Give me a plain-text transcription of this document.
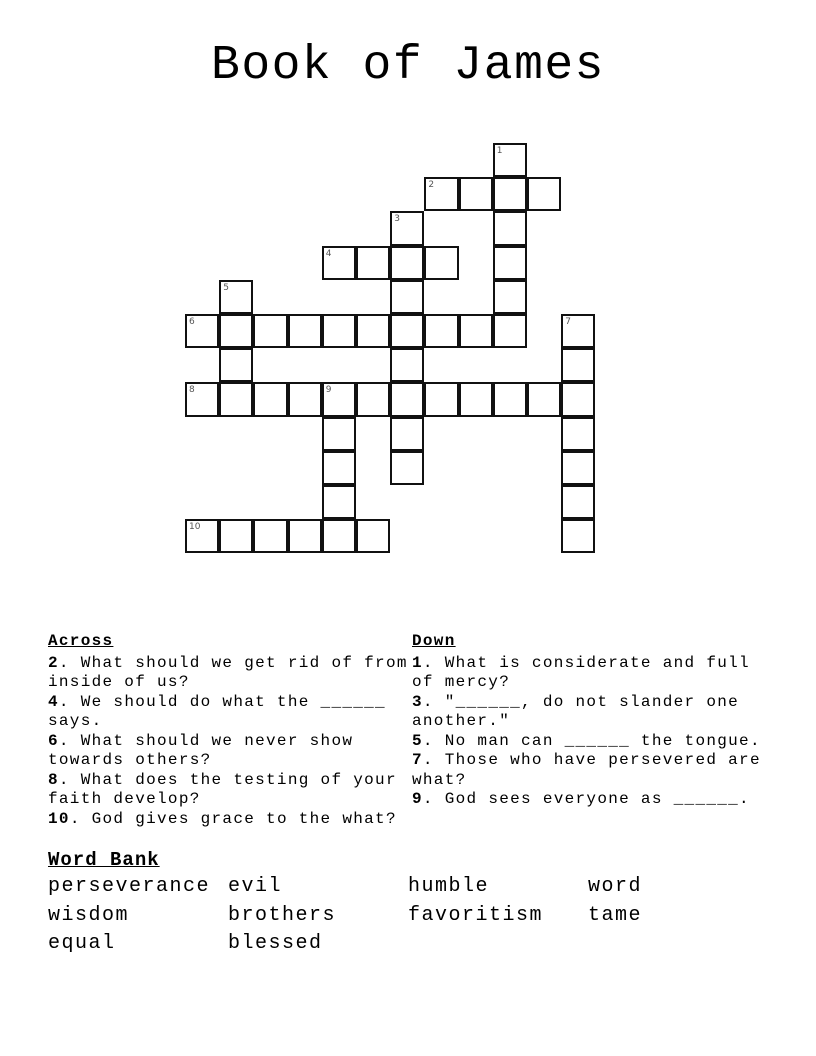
Book of James
1
2
3
4
5
6	7
8	9
10
Across
2. What should we get rid of from inside of us?
4. We should do what the ______ says.
6. What should we never show towards others?
8. What does the testing of your faith develop?
10. God gives grace to the what?
Down
1. What is considerate and full of mercy?
3. "______, do not slander one another."
5. No man can ______ the tongue.
7. Those who have persevered are what?
9. God sees everyone as ______.
Word Bank
perseverance evil	humble	word
wisdom	brothers	favoritism	tame
equal	blessed
